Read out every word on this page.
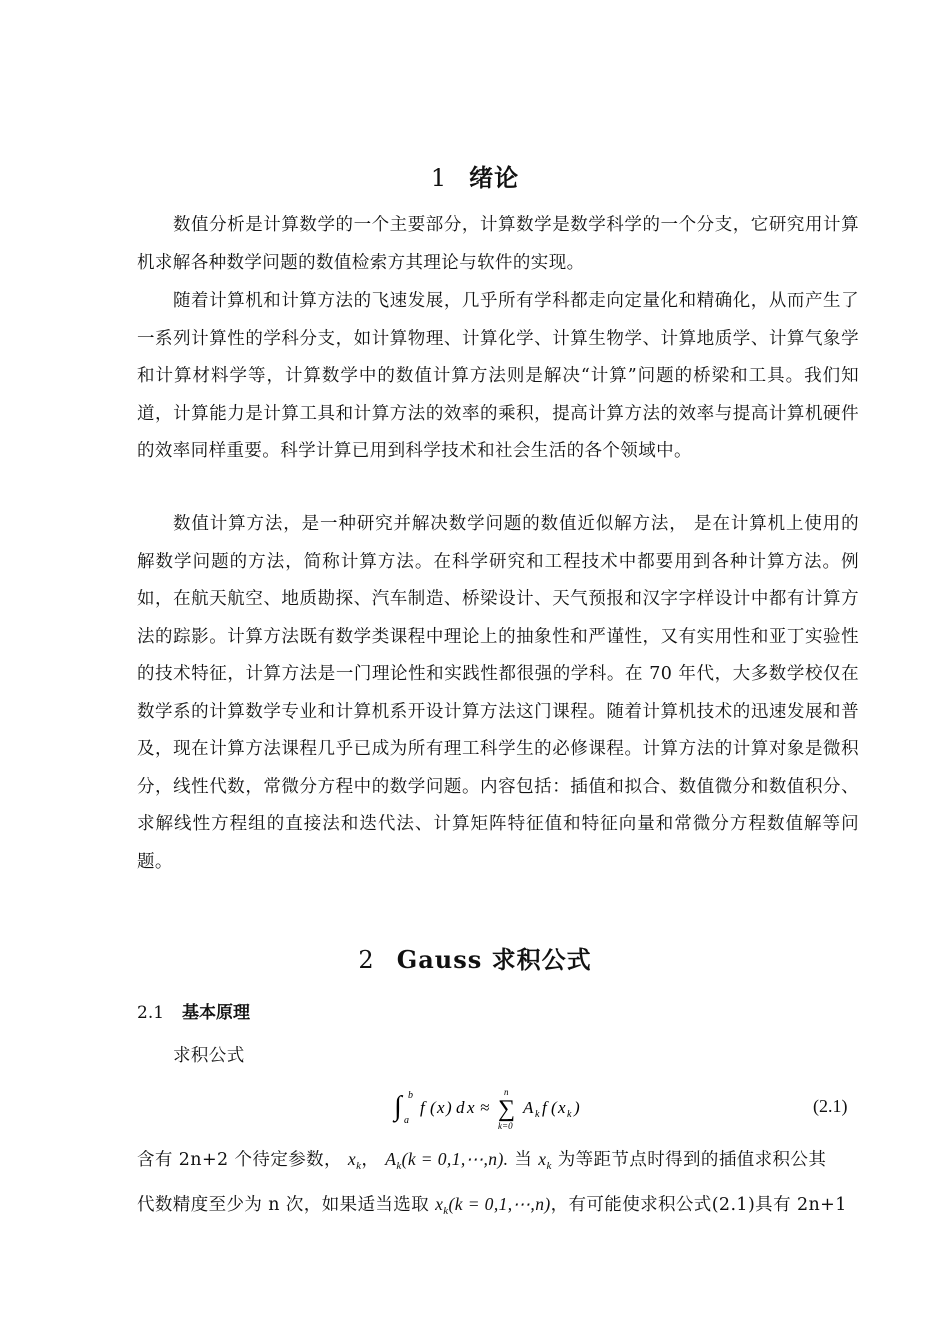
1 绪论
数值分析是计算数学的一个主要部分，计算数学是数学科学的一个分支，它研究用计算机求解各种数学问题的数值检索方其理论与软件的实现。
随着计算机和计算方法的飞速发展，几乎所有学科都走向定量化和精确化，从而产生了一系列计算性的学科分支，如计算物理、计算化学、计算生物学、计算地质学、计算气象学和计算材料学等，计算数学中的数值计算方法则是解决“计算”问题的桥梁和工具。我们知道，计算能力是计算工具和计算方法的效率的乘积，提高计算方法的效率与提高计算机硬件的效率同样重要。科学计算已用到科学技术和社会生活的各个领域中。
数值计算方法，是一种研究并解决数学问题的数值近似解方法， 是在计算机上使用的解数学问题的方法，简称计算方法。在科学研究和工程技术中都要用到各种计算方法。例如，在航天航空、地质勘探、汽车制造、桥梁设计、天气预报和汉字字样设计中都有计算方法的踪影。计算方法既有数学类课程中理论上的抽象性和严谨性，又有实用性和亚丁实验性的技术特征，计算方法是一门理论性和实践性都很强的学科。在 70 年代，大多数学校仅在数学系的计算数学专业和计算机系开设计算方法这门课程。随着计算机技术的迅速发展和普及，现在计算方法课程几乎已成为所有理工科学生的必修课程。计算方法的计算对象是微积分，线性代数，常微分方程中的数学问题。内容包括：插值和拟合、数值微分和数值积分、求解线性方程组的直接法和迭代法、计算矩阵特征值和特征向量和常微分方程数值解等问题。
2 Gauss 求积公式
2.1 基本原理
求积公式
∫ b
a
f ( x ) d x ≈ ∑
n
k=0
A k f ( x k )	(2.1)
含有 2n+2 个待定参数， $x_k$， $A_k(k$ = 0,1,⋯,n). 当 $x_k$ 为等距节点时得到的插值求积公其
代数精度至少为 n 次，如果适当选取 $x_k(k$ = 0,1,⋯,n)，有可能使求积公式(2.1)具有 2n+1
